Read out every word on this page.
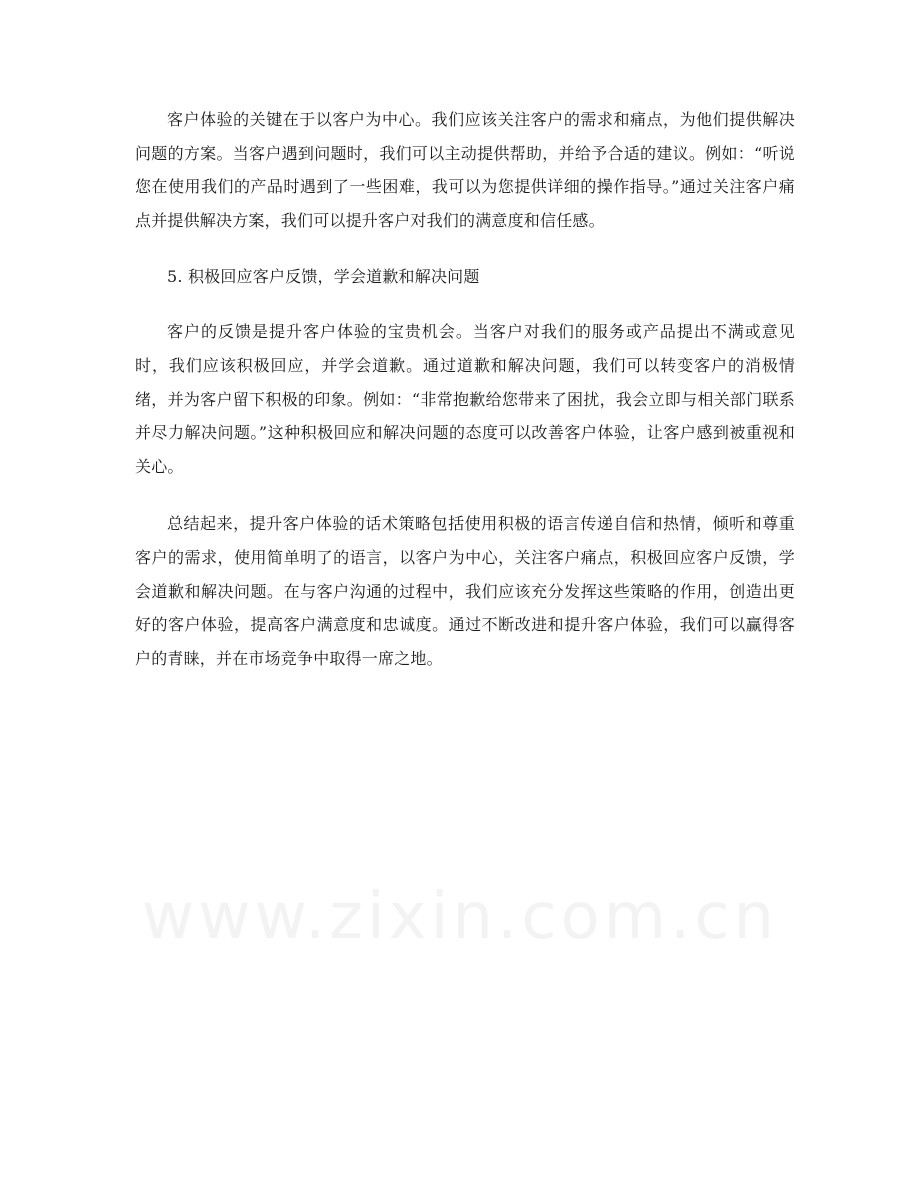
客户体验的关键在于以客户为中心。我们应该关注客户的需求和痛点，为他们提供解决问题的方案。当客户遇到问题时，我们可以主动提供帮助，并给予合适的建议。例如：“听说您在使用我们的产品时遇到了一些困难，我可以为您提供详细的操作指导。”通过关注客户痛点并提供解决方案，我们可以提升客户对我们的满意度和信任感。

5. 积极回应客户反馈，学会道歉和解决问题

客户的反馈是提升客户体验的宝贵机会。当客户对我们的服务或产品提出不满或意见时，我们应该积极回应，并学会道歉。通过道歉和解决问题，我们可以转变客户的消极情绪，并为客户留下积极的印象。例如：“非常抱歉给您带来了困扰，我会立即与相关部门联系并尽力解决问题。”这种积极回应和解决问题的态度可以改善客户体验，让客户感到被重视和关心。

总结起来，提升客户体验的话术策略包括使用积极的语言传递自信和热情，倾听和尊重客户的需求，使用简单明了的语言，以客户为中心，关注客户痛点，积极回应客户反馈，学会道歉和解决问题。在与客户沟通的过程中，我们应该充分发挥这些策略的作用，创造出更好的客户体验，提高客户满意度和忠诚度。通过不断改进和提升客户体验，我们可以赢得客户的青睐，并在市场竞争中取得一席之地。

www.zixin.com.cn
